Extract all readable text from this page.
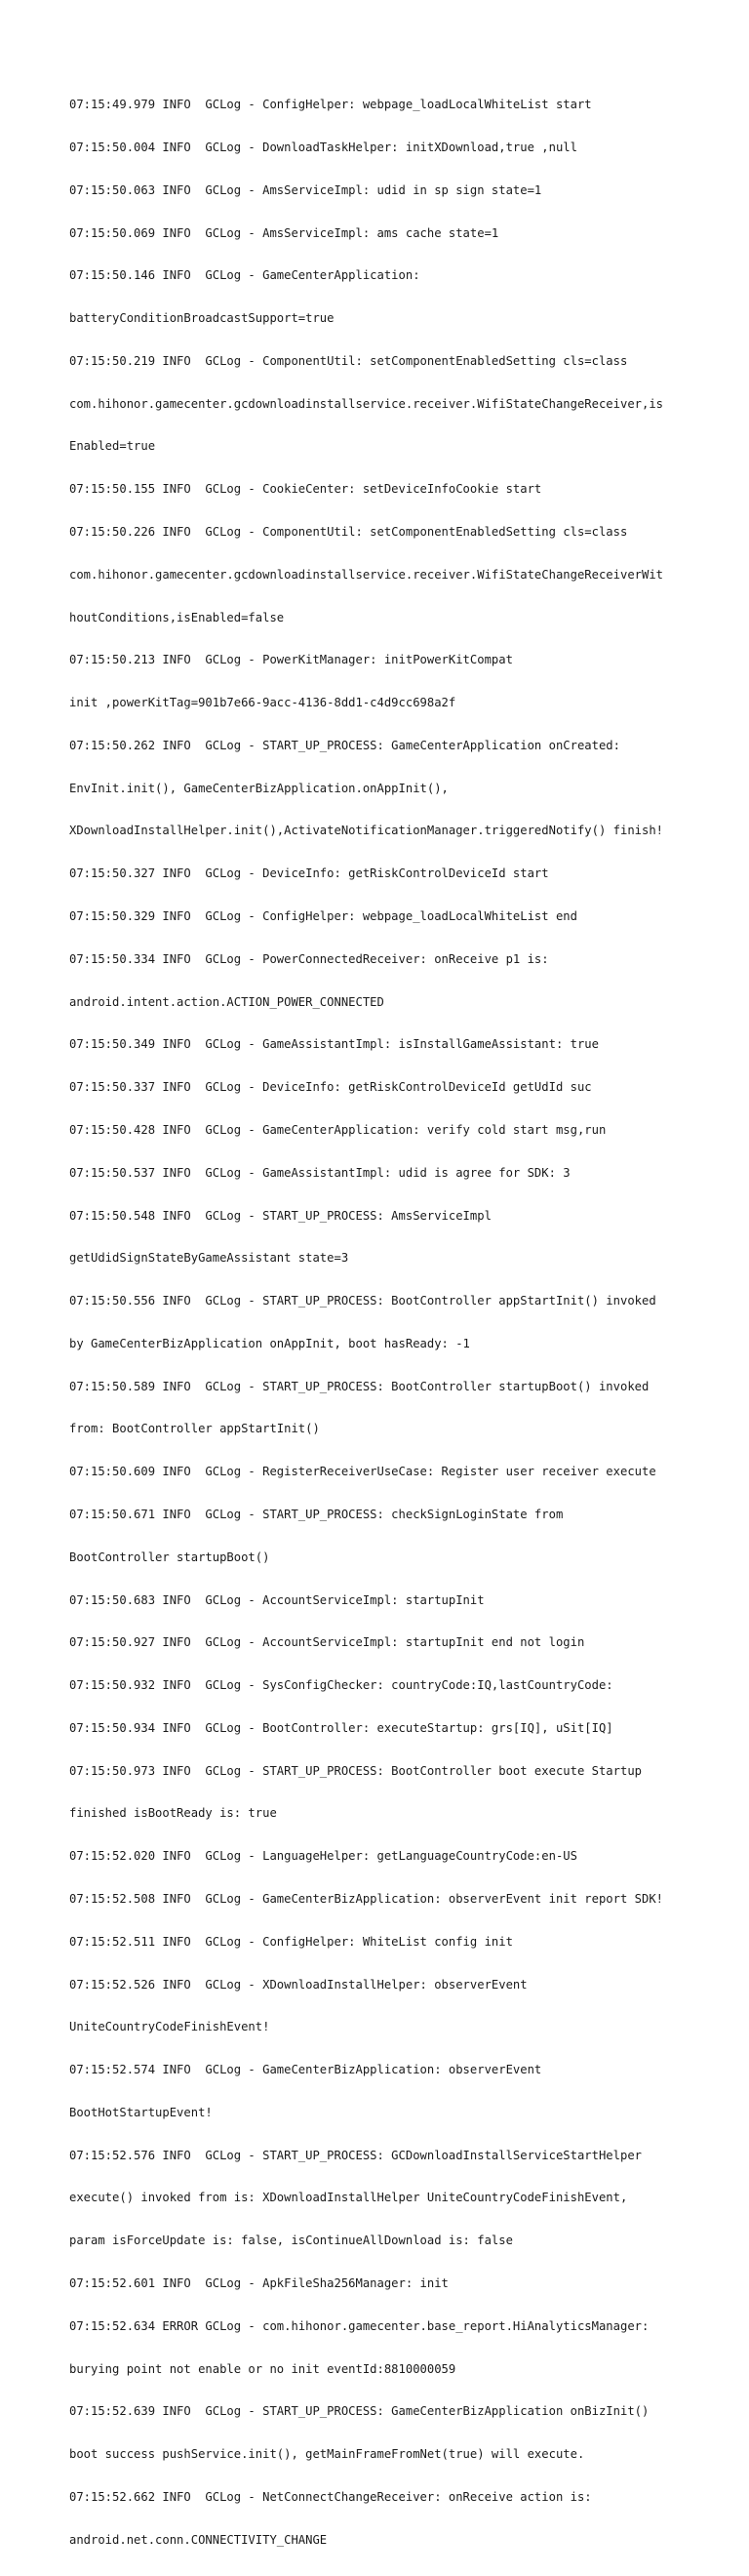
07:15:49.979 INFO  GCLog - ConfigHelper: webpage_loadLocalWhiteList start

07:15:50.004 INFO  GCLog - DownloadTaskHelper: initXDownload,true ,null

07:15:50.063 INFO  GCLog - AmsServiceImpl: udid in sp sign state=1

07:15:50.069 INFO  GCLog - AmsServiceImpl: ams cache state=1

07:15:50.146 INFO  GCLog - GameCenterApplication:

batteryConditionBroadcastSupport=true

07:15:50.219 INFO  GCLog - ComponentUtil: setComponentEnabledSetting cls=class

com.hihonor.gamecenter.gcdownloadinstallservice.receiver.WifiStateChangeReceiver,is

Enabled=true

07:15:50.155 INFO  GCLog - CookieCenter: setDeviceInfoCookie start

07:15:50.226 INFO  GCLog - ComponentUtil: setComponentEnabledSetting cls=class

com.hihonor.gamecenter.gcdownloadinstallservice.receiver.WifiStateChangeReceiverWit

houtConditions,isEnabled=false

07:15:50.213 INFO  GCLog - PowerKitManager: initPowerKitCompat

init ,powerKitTag=901b7e66-9acc-4136-8dd1-c4d9cc698a2f

07:15:50.262 INFO  GCLog - START_UP_PROCESS: GameCenterApplication onCreated:

EnvInit.init(), GameCenterBizApplication.onAppInit(),

XDownloadInstallHelper.init(),ActivateNotificationManager.triggeredNotify() finish!

07:15:50.327 INFO  GCLog - DeviceInfo: getRiskControlDeviceId start

07:15:50.329 INFO  GCLog - ConfigHelper: webpage_loadLocalWhiteList end

07:15:50.334 INFO  GCLog - PowerConnectedReceiver: onReceive p1 is:

android.intent.action.ACTION_POWER_CONNECTED

07:15:50.349 INFO  GCLog - GameAssistantImpl: isInstallGameAssistant: true

07:15:50.337 INFO  GCLog - DeviceInfo: getRiskControlDeviceId getUdId suc

07:15:50.428 INFO  GCLog - GameCenterApplication: verify cold start msg,run

07:15:50.537 INFO  GCLog - GameAssistantImpl: udid is agree for SDK: 3

07:15:50.548 INFO  GCLog - START_UP_PROCESS: AmsServiceImpl

getUdidSignStateByGameAssistant state=3

07:15:50.556 INFO  GCLog - START_UP_PROCESS: BootController appStartInit() invoked

by GameCenterBizApplication onAppInit, boot hasReady: -1

07:15:50.589 INFO  GCLog - START_UP_PROCESS: BootController startupBoot() invoked

from: BootController appStartInit()

07:15:50.609 INFO  GCLog - RegisterReceiverUseCase: Register user receiver execute

07:15:50.671 INFO  GCLog - START_UP_PROCESS: checkSignLoginState from

BootController startupBoot()

07:15:50.683 INFO  GCLog - AccountServiceImpl: startupInit

07:15:50.927 INFO  GCLog - AccountServiceImpl: startupInit end not login

07:15:50.932 INFO  GCLog - SysConfigChecker: countryCode:IQ,lastCountryCode:

07:15:50.934 INFO  GCLog - BootController: executeStartup: grs[IQ], uSit[IQ]

07:15:50.973 INFO  GCLog - START_UP_PROCESS: BootController boot execute Startup

finished isBootReady is: true

07:15:52.020 INFO  GCLog - LanguageHelper: getLanguageCountryCode:en-US

07:15:52.508 INFO  GCLog - GameCenterBizApplication: observerEvent init report SDK!

07:15:52.511 INFO  GCLog - ConfigHelper: WhiteList config init

07:15:52.526 INFO  GCLog - XDownloadInstallHelper: observerEvent

UniteCountryCodeFinishEvent!

07:15:52.574 INFO  GCLog - GameCenterBizApplication: observerEvent

BootHotStartupEvent!

07:15:52.576 INFO  GCLog - START_UP_PROCESS: GCDownloadInstallServiceStartHelper

execute() invoked from is: XDownloadInstallHelper UniteCountryCodeFinishEvent,

param isForceUpdate is: false, isContinueAllDownload is: false

07:15:52.601 INFO  GCLog - ApkFileSha256Manager: init

07:15:52.634 ERROR GCLog - com.hihonor.gamecenter.base_report.HiAnalyticsManager:

burying point not enable or no init eventId:8810000059

07:15:52.639 INFO  GCLog - START_UP_PROCESS: GameCenterBizApplication onBizInit()

boot success pushService.init(), getMainFrameFromNet(true) will execute.

07:15:52.662 INFO  GCLog - NetConnectChangeReceiver: onReceive action is:

android.net.conn.CONNECTIVITY_CHANGE
